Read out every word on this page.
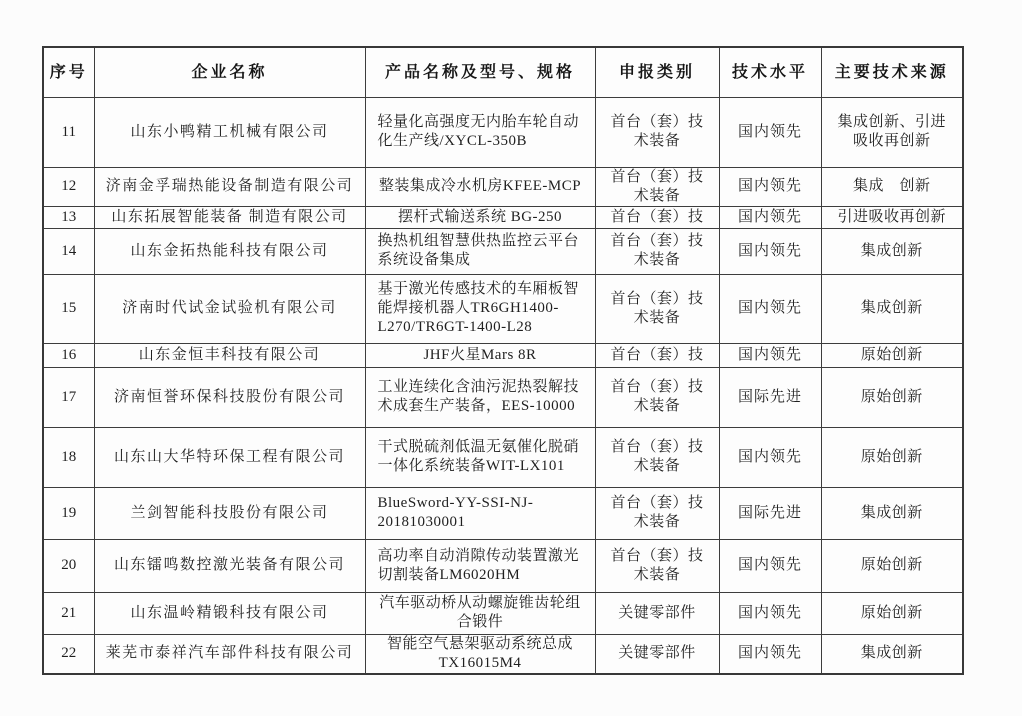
序号	企业名称	产品名称及型号、规格	申报类别	技术水平	主要技术来源
11	山东小鸭精工机械有限公司	轻量化高强度无内胎车轮自动化生产线/XYCL-350B	首台（套）技术装备	国内领先	集成创新、引进吸收再创新
12	济南金孚瑞热能设备制造有限公司	整装集成冷水机房KFEE-MCP	首台（套）技术装备	国内领先	集成　创新
13	山东拓展智能装备 制造有限公司	摆杆式输送系统 BG-250	首台（套）技	国内领先	引进吸收再创新
14	山东金拓热能科技有限公司	换热机组智慧供热监控云平台系统设备集成	首台（套）技术装备	国内领先	集成创新
15	济南时代试金试验机有限公司	基于激光传感技术的车厢板智能焊接机器人TR6GH1400-L270/TR6GT-1400-L28	首台（套）技术装备	国内领先	集成创新
16	山东金恒丰科技有限公司	JHF火星Mars 8R	首台（套）技	国内领先	原始创新
17	济南恒誉环保科技股份有限公司	工业连续化含油污泥热裂解技术成套生产装备，EES-10000	首台（套）技术装备	国际先进	原始创新
18	山东山大华特环保工程有限公司	干式脱硫剂低温无氨催化脱硝一体化系统装备WIT-LX101	首台（套）技术装备	国内领先	原始创新
19	兰剑智能科技股份有限公司	BlueSword-YY-SSI-NJ-20181030001	首台（套）技术装备	国际先进	集成创新
20	山东镭鸣数控激光装备有限公司	高功率自动消隙传动装置激光切割装备LM6020HM	首台（套）技术装备	国内领先	原始创新
21	山东温岭精锻科技有限公司	汽车驱动桥从动螺旋锥齿轮组合锻件	关键零部件	国内领先	原始创新
22	莱芜市泰祥汽车部件科技有限公司	智能空气悬架驱动系统总成TX16015M4	关键零部件	国内领先	集成创新
